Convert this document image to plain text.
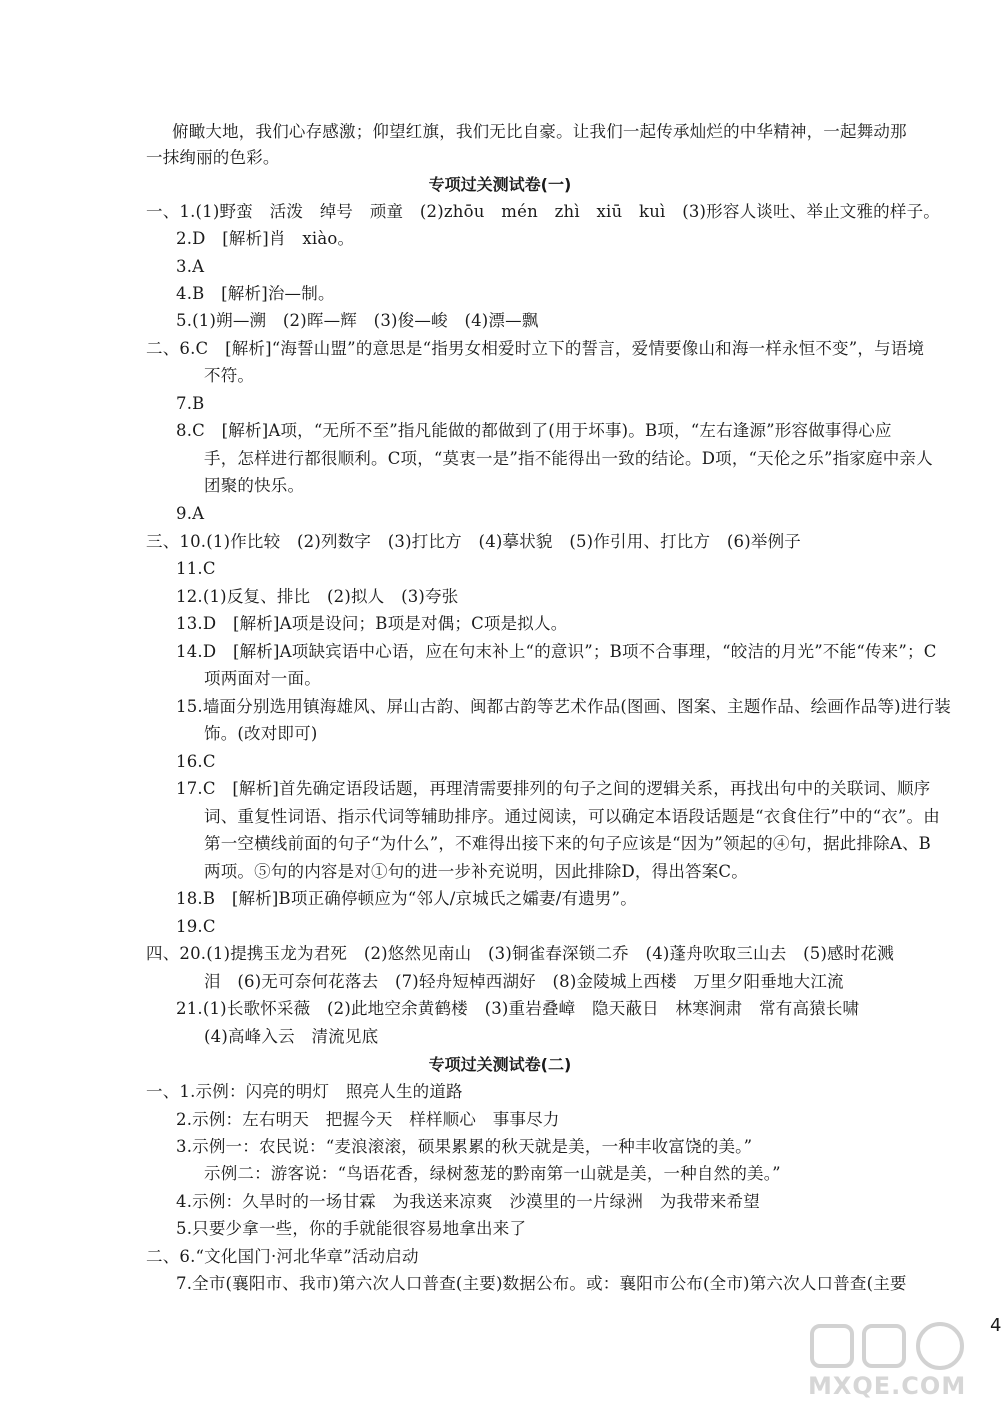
俯瞰大地，我们心存感激；仰望红旗，我们无比自豪。让我们一起传承灿烂的中华精神，一起舞动那
一抹绚丽的色彩。
专项过关测试卷(一)
一、1.(1)野蛮　活泼　绰号　顽童　(2)zhōu　mén　zhì　xiū　kuì　(3)形容人谈吐、举止文雅的样子。
2.D　[解析]肖　xiào。
3.A
4.B　[解析]治—制。
5.(1)朔—溯　(2)晖—辉　(3)俊—峻　(4)漂—飘
二、6.C　[解析]“海誓山盟”的意思是“指男女相爱时立下的誓言，爱情要像山和海一样永恒不变”，与语境
不符。
7.B
8.C　[解析]A项，“无所不至”指凡能做的都做到了(用于坏事)。B项，“左右逢源”形容做事得心应
手，怎样进行都很顺利。C项，“莫衷一是”指不能得出一致的结论。D项，“天伦之乐”指家庭中亲人
团聚的快乐。
9.A
三、10.(1)作比较　(2)列数字　(3)打比方　(4)摹状貌　(5)作引用、打比方　(6)举例子
11.C
12.(1)反复、排比　(2)拟人　(3)夸张
13.D　[解析]A项是设问；B项是对偶；C项是拟人。
14.D　[解析]A项缺宾语中心语，应在句末补上“的意识”；B项不合事理，“皎洁的月光”不能“传来”；C
项两面对一面。
15.墙面分别选用镇海雄风、屏山古韵、闽都古韵等艺术作品(图画、图案、主题作品、绘画作品等)进行装
饰。(改对即可)
16.C
17.C　[解析]首先确定语段话题，再理清需要排列的句子之间的逻辑关系，再找出句中的关联词、顺序
词、重复性词语、指示代词等辅助排序。通过阅读，可以确定本语段话题是“衣食住行”中的“衣”。由
第一空横线前面的句子“为什么”，不难得出接下来的句子应该是“因为”领起的④句，据此排除A、B
两项。⑤句的内容是对①句的进一步补充说明，因此排除D，得出答案C。
18.B　[解析]B项正确停顿应为“邻人/京城氏之孀妻/有遗男”。
19.C
四、20.(1)提携玉龙为君死　(2)悠然见南山　(3)铜雀春深锁二乔　(4)蓬舟吹取三山去　(5)感时花溅
泪　(6)无可奈何花落去　(7)轻舟短棹西湖好　(8)金陵城上西楼　万里夕阳垂地大江流
21.(1)长歌怀采薇　(2)此地空余黄鹤楼　(3)重岩叠嶂　隐天蔽日　林寒涧肃　常有高猿长啸
(4)高峰入云　清流见底
专项过关测试卷(二)
一、1.示例：闪亮的明灯　照亮人生的道路
2.示例：左右明天　把握今天　样样顺心　事事尽力
3.示例一：农民说：“麦浪滚滚，硕果累累的秋天就是美，一种丰收富饶的美。”
示例二：游客说：“鸟语花香，绿树葱茏的黔南第一山就是美，一种自然的美。”
4.示例：久旱时的一场甘霖　为我送来凉爽　沙漠里的一片绿洲　为我带来希望
5.只要少拿一些，你的手就能很容易地拿出来了
二、6.“文化国门·河北华章”活动启动
7.全市(襄阳市、我市)第六次人口普查(主要)数据公布。或：襄阳市公布(全市)第六次人口普查(主要
4
MXQE.COM
